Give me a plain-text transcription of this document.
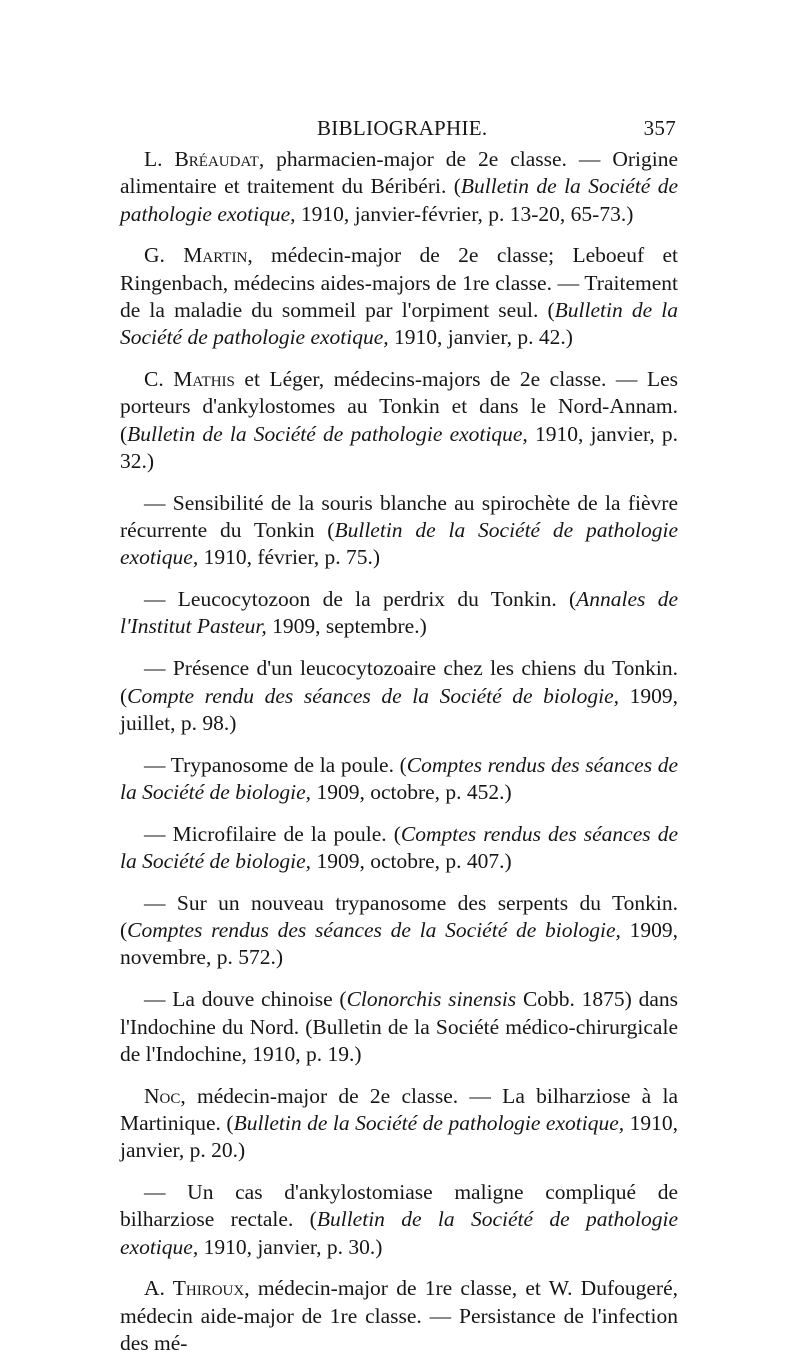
BIBLIOGRAPHIE.	357

L. Bréaudat, pharmacien-major de 2e classe. — Origine alimentaire et traitement du Béribéri. (Bulletin de la Société de pathologie exotique, 1910, janvier-février, p. 13-20, 65-73.)

G. Martin, médecin-major de 2e classe; Leboeuf et Ringenbach, médecins aides-majors de 1re classe. — Traitement de la maladie du sommeil par l'orpiment seul. (Bulletin de la Société de pathologie exotique, 1910, janvier, p. 42.)

C. Mathis et Léger, médecins-majors de 2e classe. — Les porteurs d'ankylostomes au Tonkin et dans le Nord-Annam. (Bulletin de la Société de pathologie exotique, 1910, janvier, p. 32.)

— Sensibilité de la souris blanche au spirochète de la fièvre récurrente du Tonkin (Bulletin de la Société de pathologie exotique, 1910, février, p. 75.)

— Leucocytozoon de la perdrix du Tonkin. (Annales de l'Institut Pasteur, 1909, septembre.)

— Présence d'un leucocytozoaire chez les chiens du Tonkin. (Compte rendu des séances de la Société de biologie, 1909, juillet, p. 98.)

— Trypanosome de la poule. (Comptes rendus des séances de la Société de biologie, 1909, octobre, p. 452.)

— Microfilaire de la poule. (Comptes rendus des séances de la Société de biologie, 1909, octobre, p. 407.)

— Sur un nouveau trypanosome des serpents du Tonkin. (Comptes rendus des séances de la Société de biologie, 1909, novembre, p. 572.)

— La douve chinoise (Clonorchis sinensis Cobb. 1875) dans l'Indochine du Nord. (Bulletin de la Société médico-chirurgicale de l'Indochine, 1910, p. 19.)

Noc, médecin-major de 2e classe. — La bilharziose à la Martinique. (Bulletin de la Société de pathologie exotique, 1910, janvier, p. 20.)

— Un cas d'ankylostomiase maligne compliqué de bilharziose rectale. (Bulletin de la Société de pathologie exotique, 1910, janvier, p. 30.)

A. Thiroux, médecin-major de 1re classe, et W. Dufougeré, médecin aide-major de 1re classe. — Persistance de l'infection des mé-
